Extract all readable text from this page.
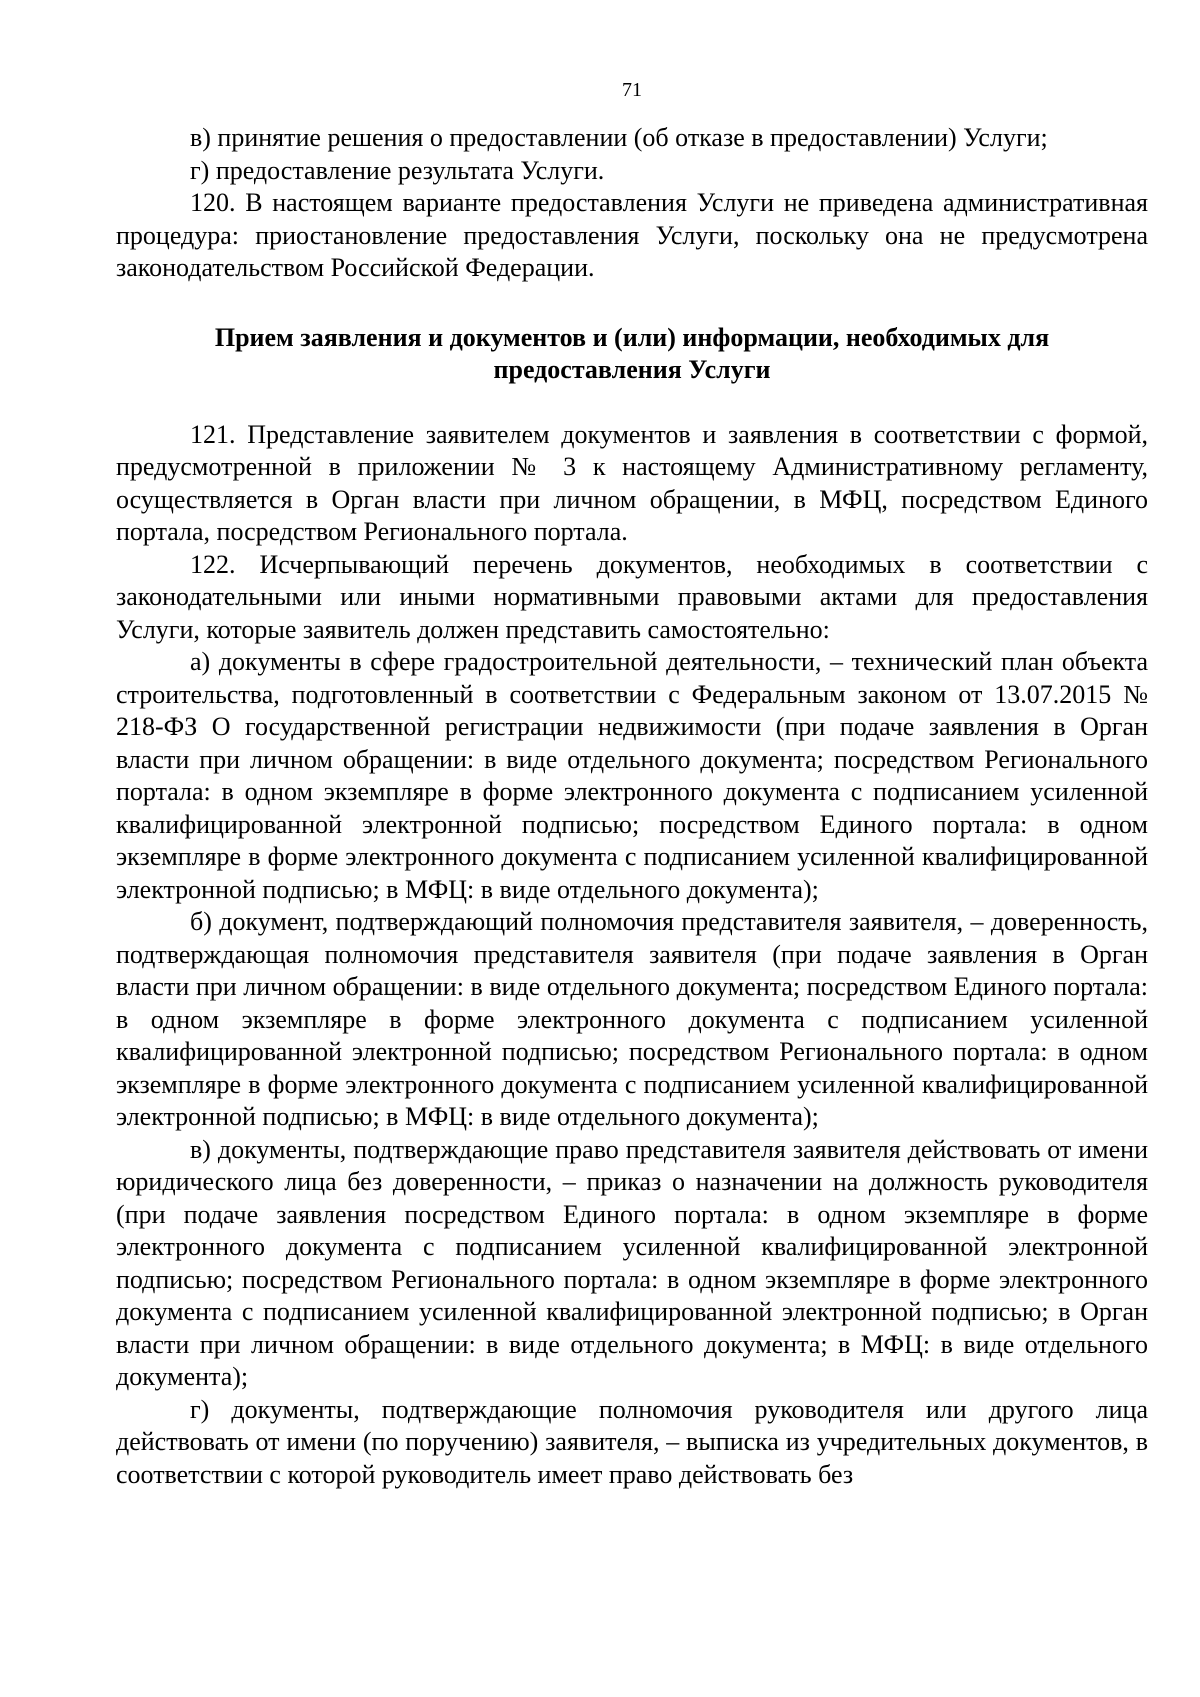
71

в) принятие решения о предоставлении (об отказе в предоставлении) Услуги;

г) предоставление результата Услуги.

120. В настоящем варианте предоставления Услуги не приведена административная процедура: приостановление предоставления Услуги, поскольку она не предусмотрена законодательством Российской Федерации.

Прием заявления и документов и (или) информации, необходимых для предоставления Услуги

121. Представление заявителем документов и заявления в соответствии с формой, предусмотренной в приложении № 3 к настоящему Административному регламенту, осуществляется в Орган власти при личном обращении, в МФЦ, посредством Единого портала, посредством Регионального портала.

122. Исчерпывающий перечень документов, необходимых в соответствии с законодательными или иными нормативными правовыми актами для предоставления Услуги, которые заявитель должен представить самостоятельно:

а) документы в сфере градостроительной деятельности, – технический план объекта строительства, подготовленный в соответствии с Федеральным законом от 13.07.2015 № 218-ФЗ О государственной регистрации недвижимости (при подаче заявления в Орган власти при личном обращении: в виде отдельного документа; посредством Регионального портала: в одном экземпляре в форме электронного документа с подписанием усиленной квалифицированной электронной подписью; посредством Единого портала: в одном экземпляре в форме электронного документа с подписанием усиленной квалифицированной электронной подписью; в МФЦ: в виде отдельного документа);

б) документ, подтверждающий полномочия представителя заявителя, – доверенность, подтверждающая полномочия представителя заявителя (при подаче заявления в Орган власти при личном обращении: в виде отдельного документа; посредством Единого портала: в одном экземпляре в форме электронного документа с подписанием усиленной квалифицированной электронной подписью; посредством Регионального портала: в одном экземпляре в форме электронного документа с подписанием усиленной квалифицированной электронной подписью; в МФЦ: в виде отдельного документа);

в) документы, подтверждающие право представителя заявителя действовать от имени юридического лица без доверенности, – приказ о назначении на должность руководителя (при подаче заявления посредством Единого портала: в одном экземпляре в форме электронного документа с подписанием усиленной квалифицированной электронной подписью; посредством Регионального портала: в одном экземпляре в форме электронного документа с подписанием усиленной квалифицированной электронной подписью; в Орган власти при личном обращении: в виде отдельного документа; в МФЦ: в виде отдельного документа);

г) документы, подтверждающие полномочия руководителя или другого лица действовать от имени (по поручению) заявителя, – выписка из учредительных документов, в соответствии с которой руководитель имеет право действовать без
